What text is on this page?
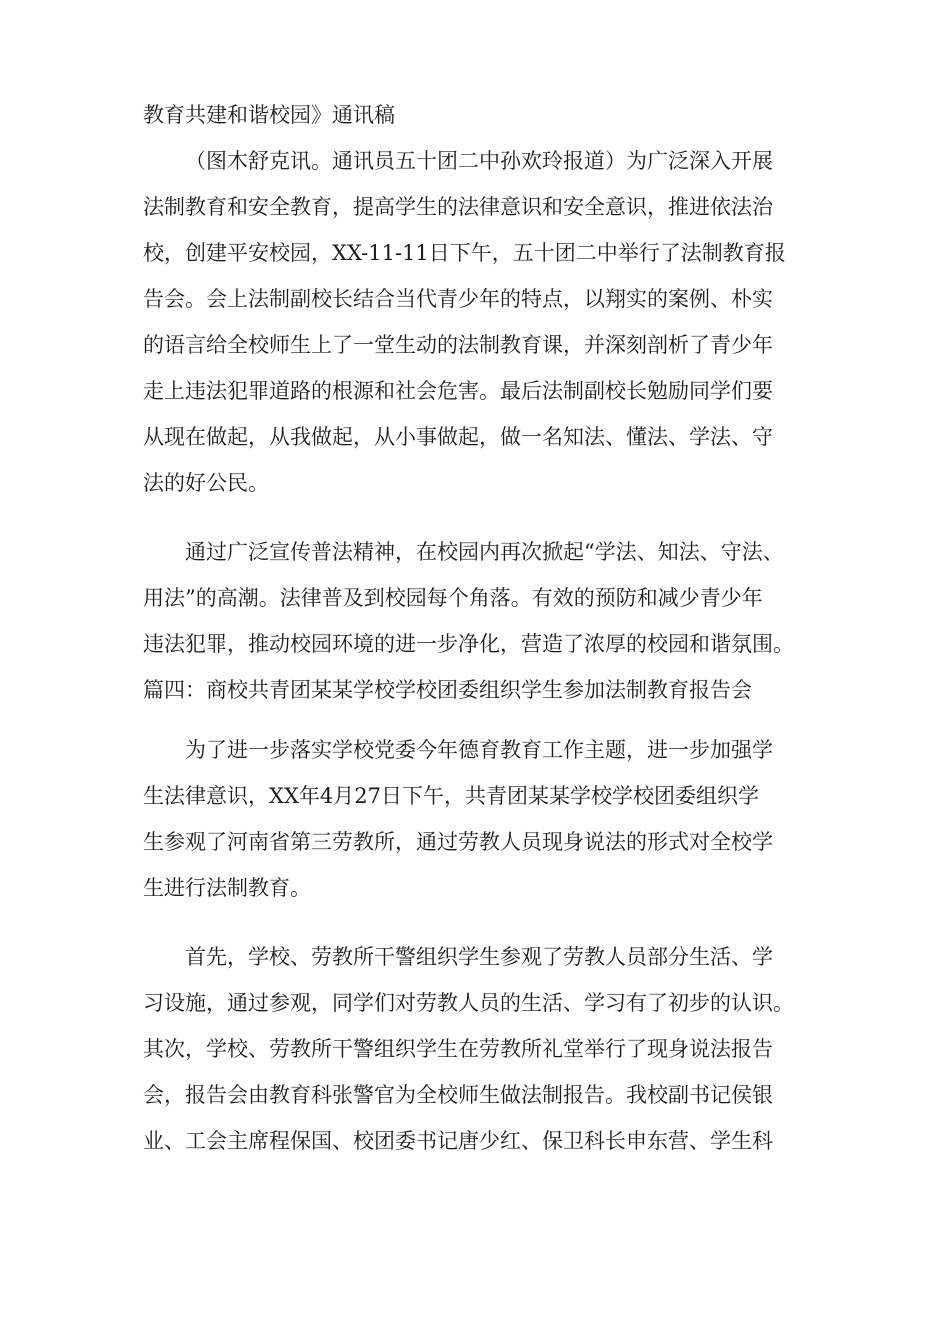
教育共建和谐校园》通讯稿
（图木舒克讯。通讯员五十团二中孙欢玲报道）为广泛深入开展
法制教育和安全教育，提高学生的法律意识和安全意识，推进依法治
校，创建平安校园，XX-11-11日下午，五十团二中举行了法制教育报
告会。会上法制副校长结合当代青少年的特点，以翔实的案例、朴实
的语言给全校师生上了一堂生动的法制教育课，并深刻剖析了青少年
走上违法犯罪道路的根源和社会危害。最后法制副校长勉励同学们要
从现在做起，从我做起，从小事做起，做一名知法、懂法、学法、守
法的好公民。
通过广泛宣传普法精神，在校园内再次掀起“学法、知法、守法、
用法”的高潮。法律普及到校园每个角落。有效的预防和减少青少年
违法犯罪，推动校园环境的进一步净化，营造了浓厚的校园和谐氛围。
篇四：商校共青团某某学校学校团委组织学生参加法制教育报告会
为了进一步落实学校党委今年德育教育工作主题，进一步加强学
生法律意识，XX年4月27日下午，共青团某某学校学校团委组织学
生参观了河南省第三劳教所，通过劳教人员现身说法的形式对全校学
生进行法制教育。
首先，学校、劳教所干警组织学生参观了劳教人员部分生活、学
习设施，通过参观，同学们对劳教人员的生活、学习有了初步的认识。
其次，学校、劳教所干警组织学生在劳教所礼堂举行了现身说法报告
会，报告会由教育科张警官为全校师生做法制报告。我校副书记侯银
业、工会主席程保国、校团委书记唐少红、保卫科长申东营、学生科
